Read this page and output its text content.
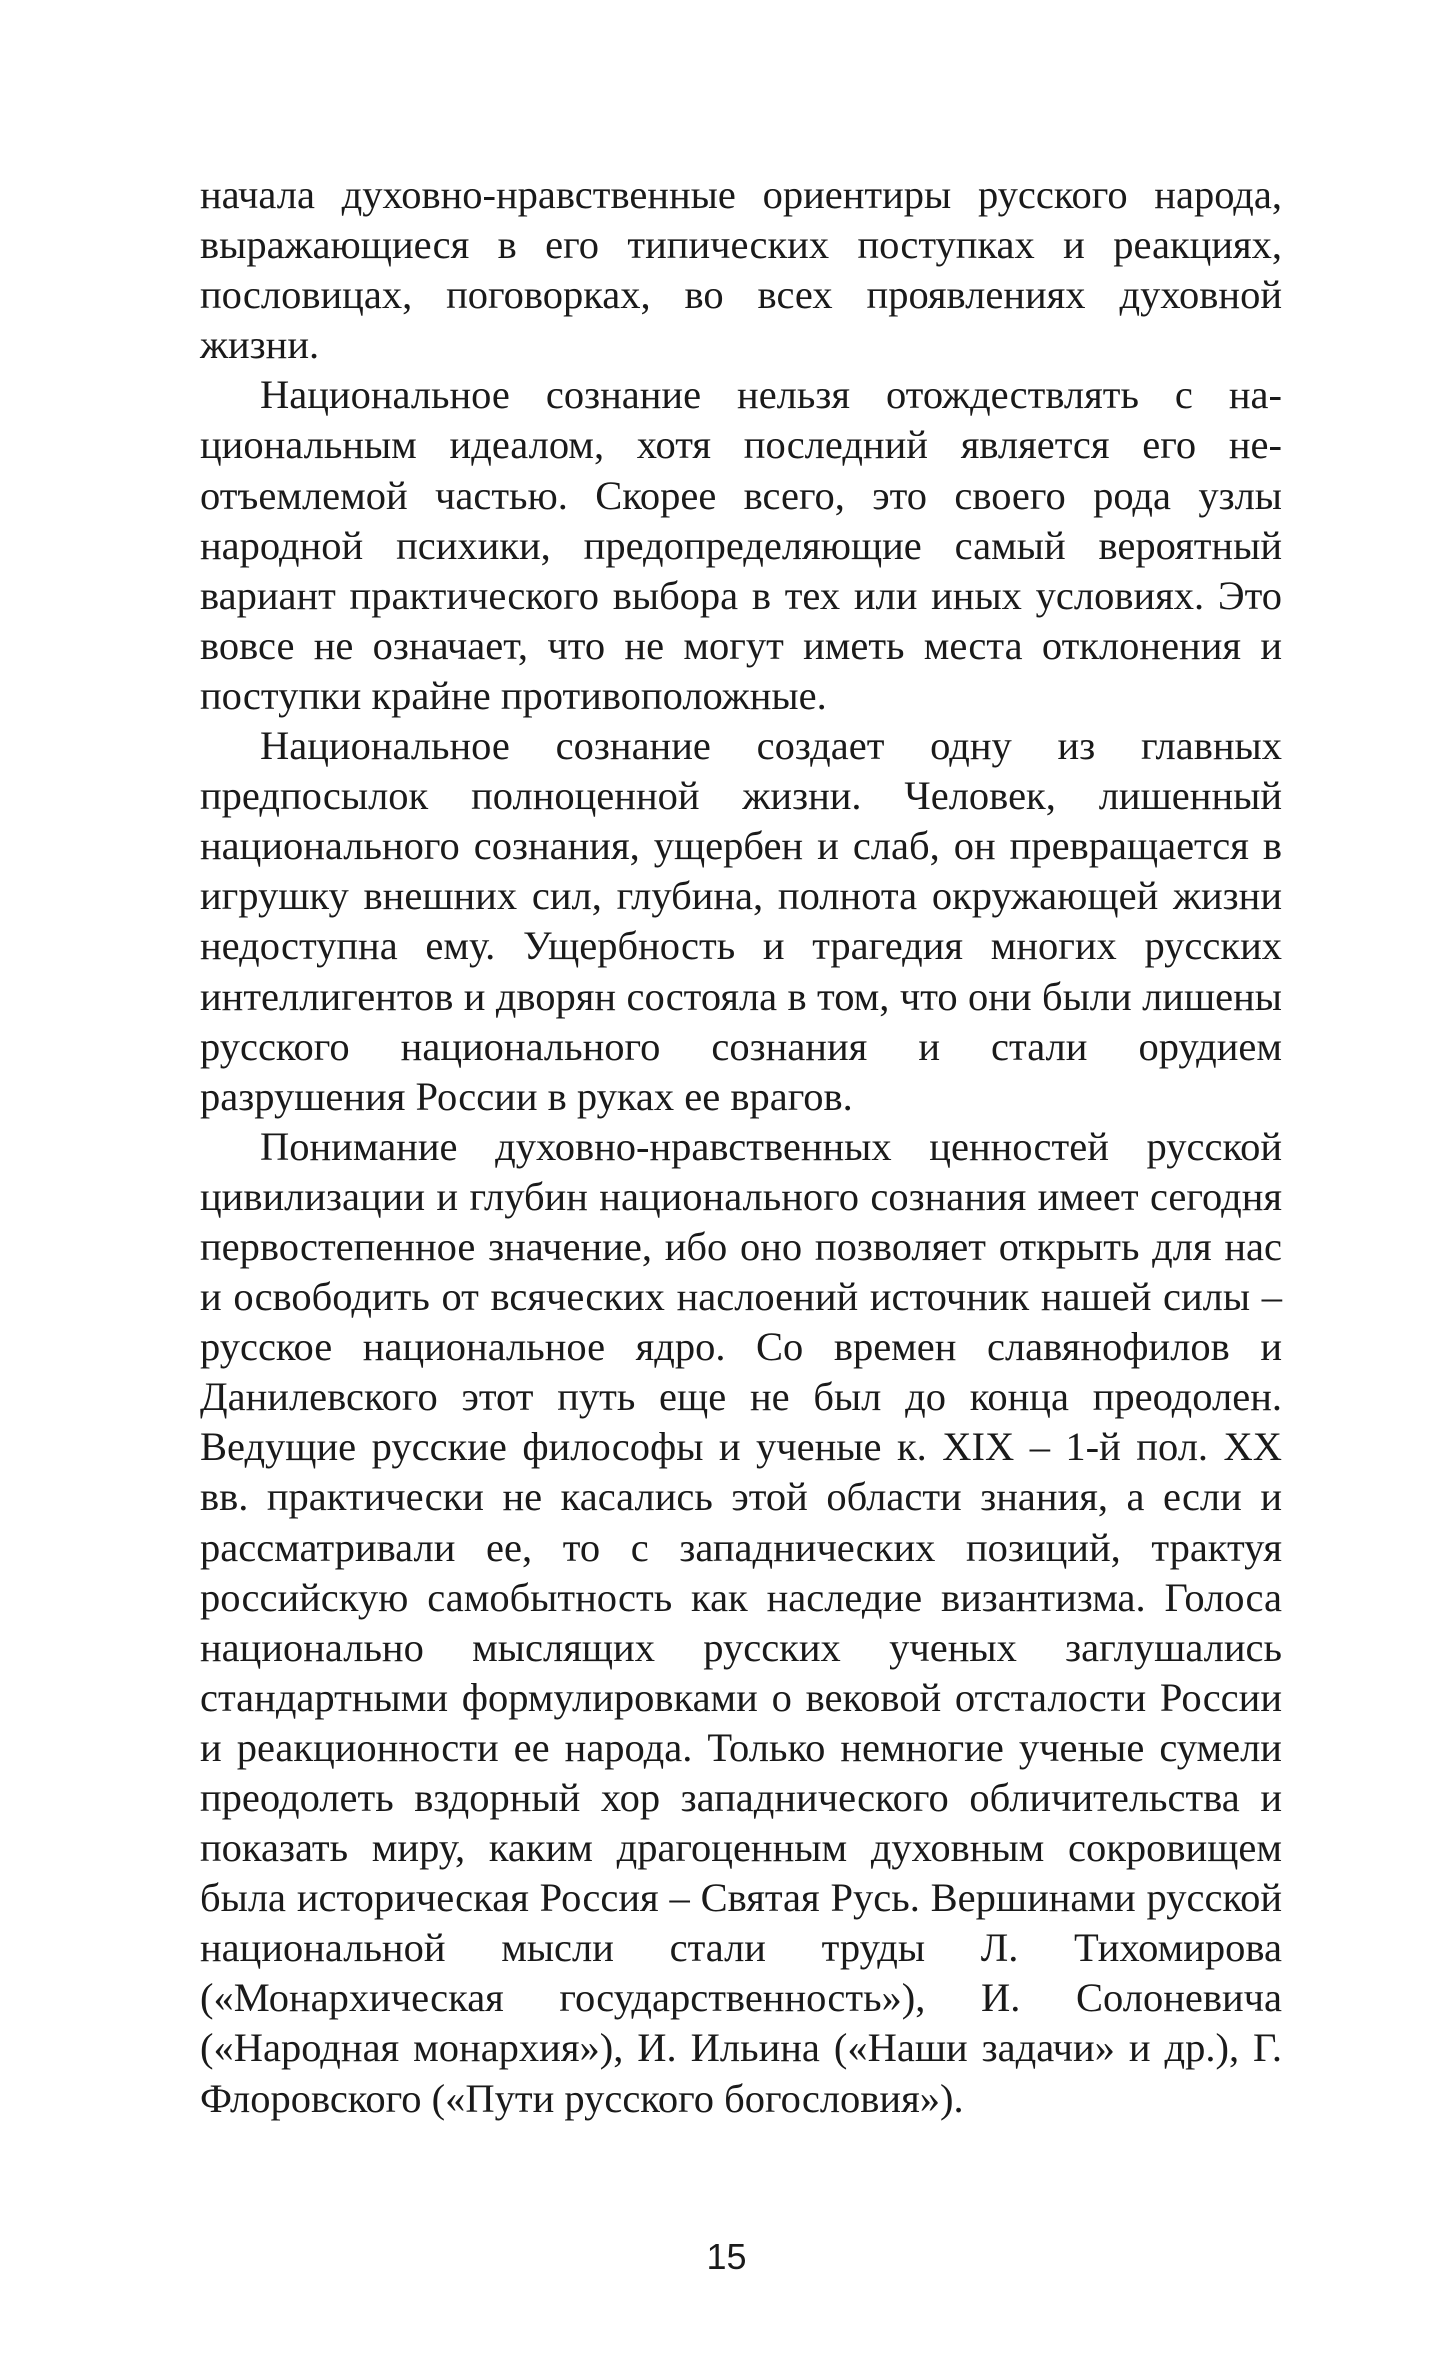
начала духовно-нравственные ориентиры русского народа, выражающиеся в его типических поступках и реакциях, пословицах, поговорках, во всех проявлениях духовной жизни.

Национальное сознание нельзя отождествлять с национальным идеалом, хотя последний является его неотъемлемой частью. Скорее всего, это своего рода узлы народной психики, предопределяющие самый вероятный вариант практического выбора в тех или иных условиях. Это вовсе не означает, что не могут иметь места отклонения и поступки крайне противоположные.

Национальное сознание создает одну из главных предпосылок полноценной жизни. Человек, лишенный национального сознания, ущербен и слаб, он превращается в игрушку внешних сил, глубина, полнота окружающей жизни недоступна ему. Ущербность и трагедия многих русских интеллигентов и дворян состояла в том, что они были лишены русского национального сознания и стали орудием разрушения России в руках ее врагов.

Понимание духовно-нравственных ценностей русской цивилизации и глубин национального сознания имеет сегодня первостепенное значение, ибо оно позволяет открыть для нас и освободить от всяческих наслоений источник нашей силы – русское национальное ядро. Со времен славянофилов и Данилевского этот путь еще не был до конца преодолен. Ведущие русские философы и ученые к. XIX – 1-й пол. XX вв. практически не касались этой области знания, а если и рассматривали ее, то с западнических позиций, трактуя российскую самобытность как наследие византизма. Голоса национально мыслящих русских ученых заглушались стандартными формулировками о вековой отсталости России и реакционности ее народа. Только немногие ученые сумели преодолеть вздорный хор западнического обличительства и показать миру, каким драгоценным духовным сокровищем была историческая Россия – Святая Русь. Вершинами русской национальной мысли стали труды Л. Тихомирова («Монархическая государственность»), И. Солоневича («Народная монархия»), И. Ильина («Наши задачи» и др.), Г. Флоровского («Пути русского богословия»).

15
